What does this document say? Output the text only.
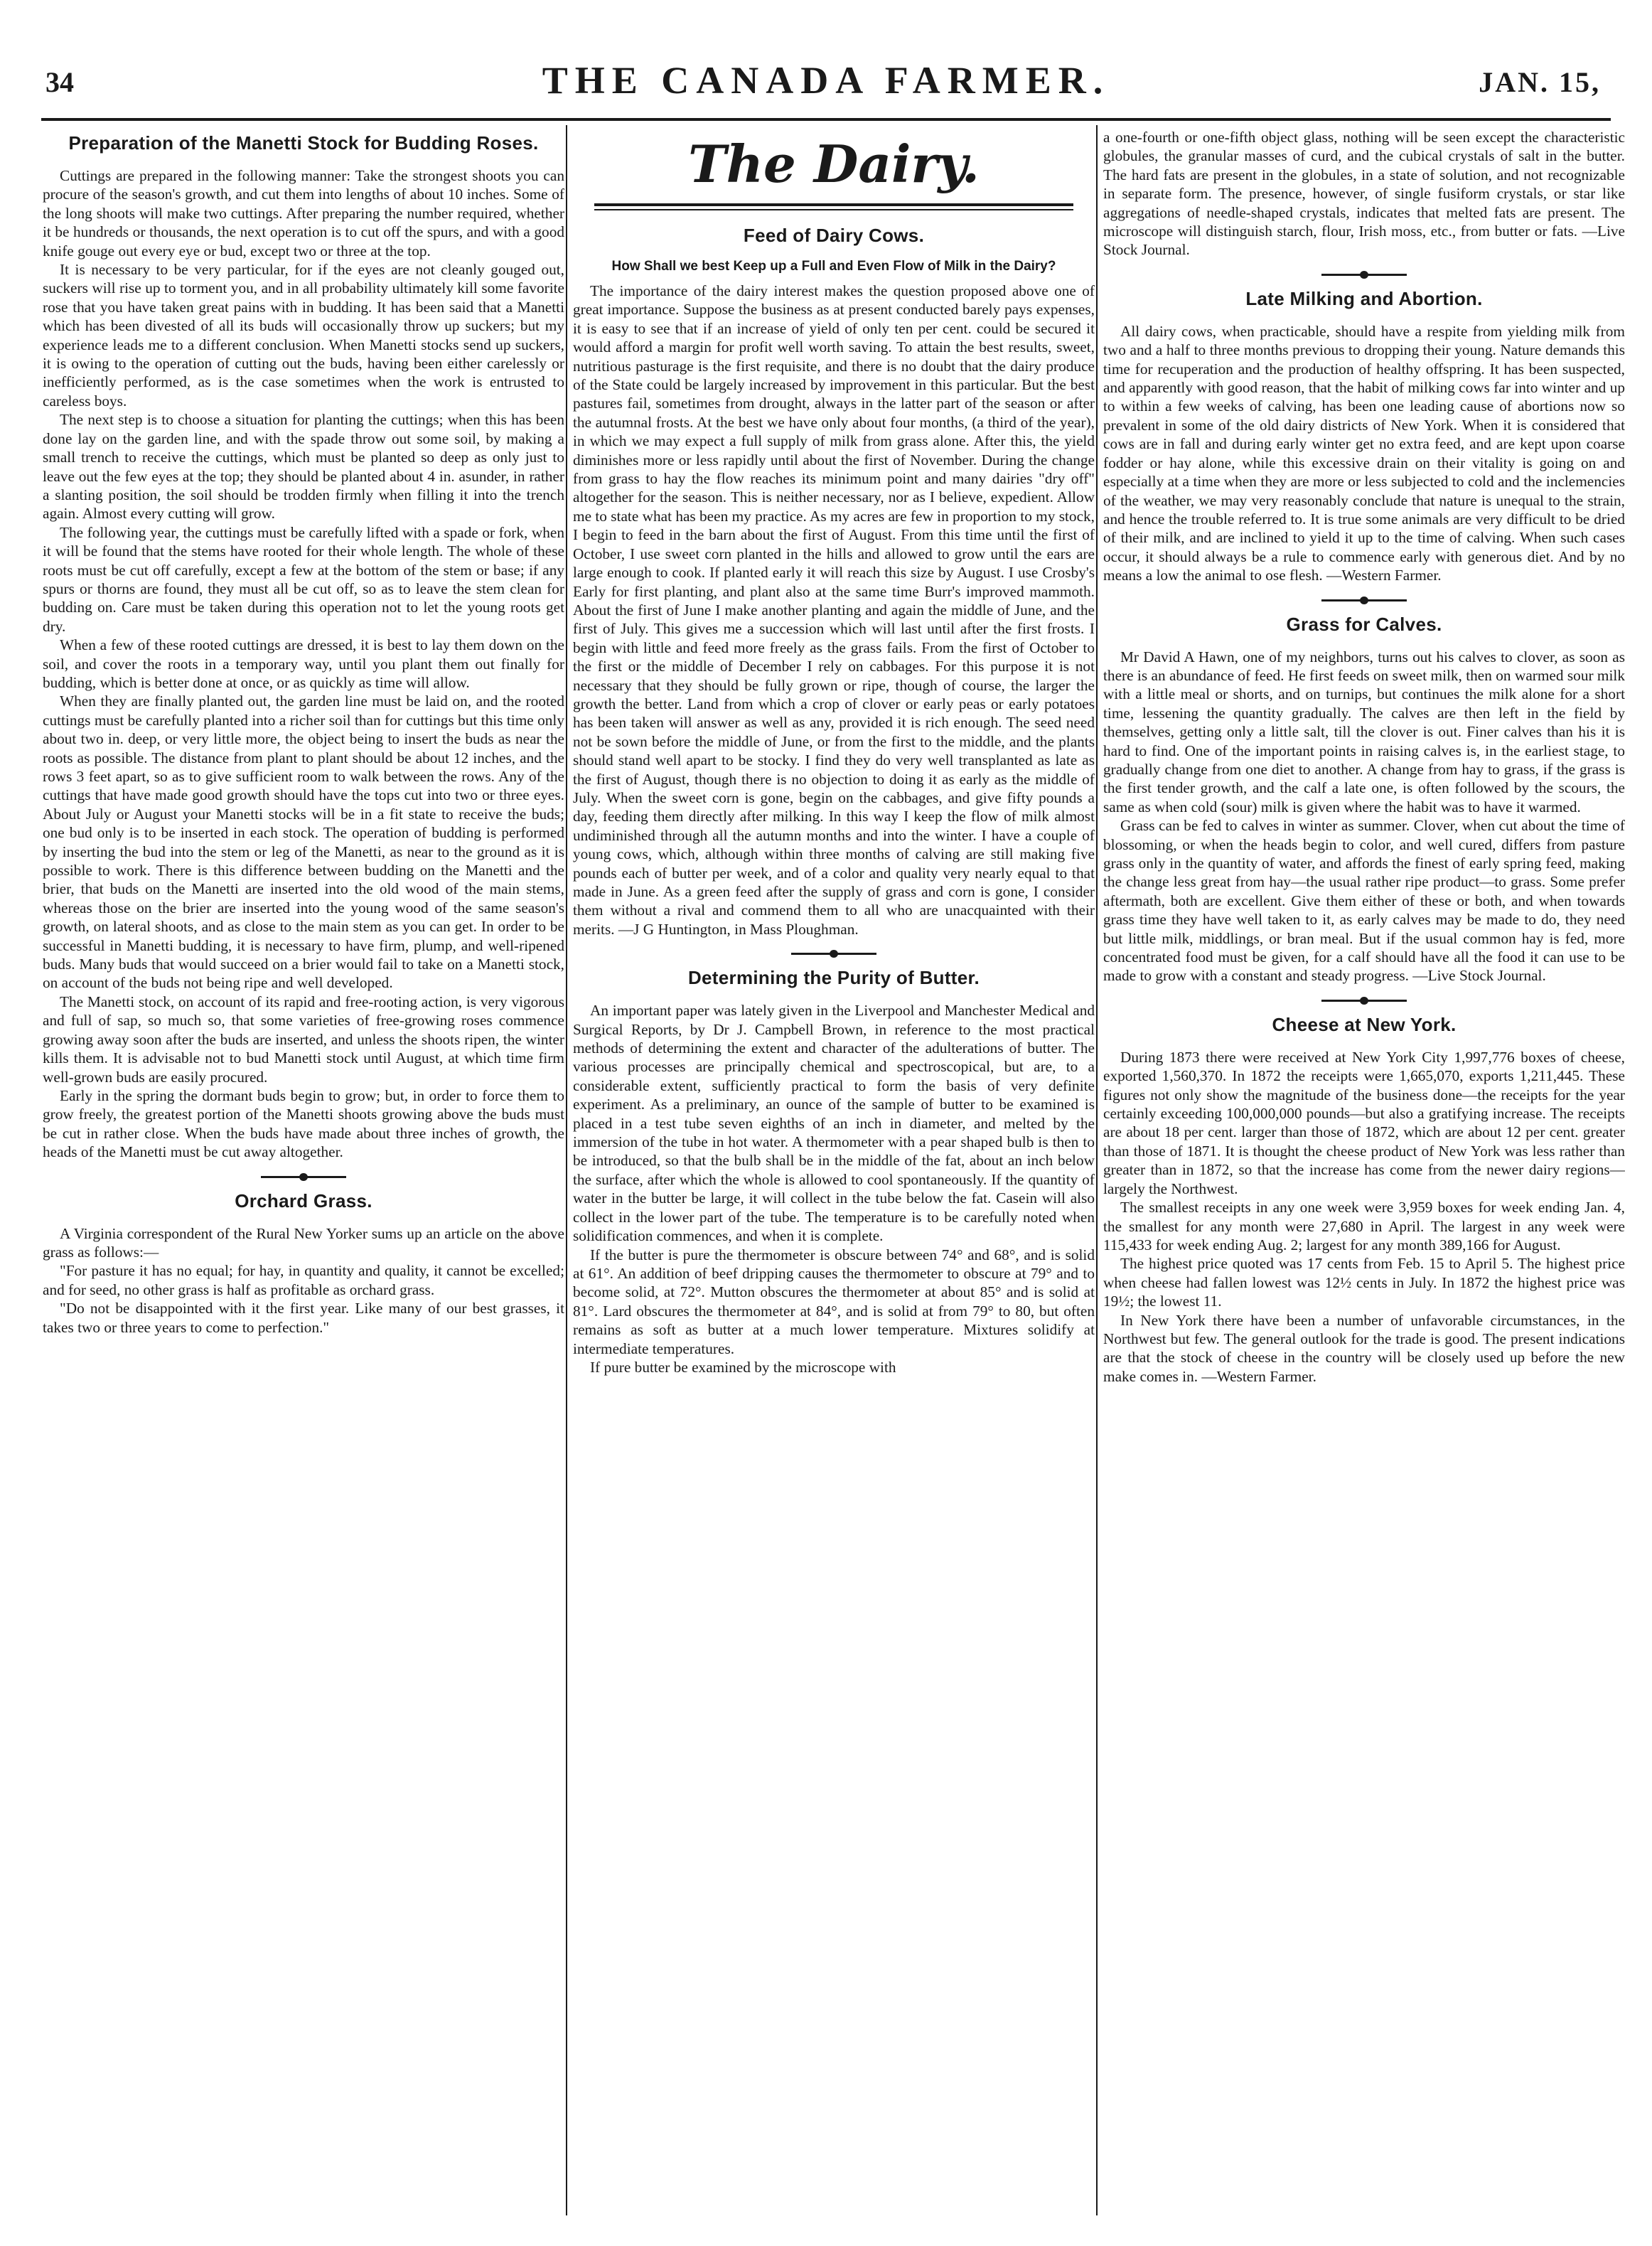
34	THE CANADA FARMER.	JAN. 15,
Preparation of the Manetti Stock for Budding Roses.

Cuttings are prepared in the following manner: Take the strongest shoots you can procure of the season's growth, and cut them into lengths of about 10 inches. Some of the long shoots will make two cuttings. After preparing the number required, whether it be hundreds or thousands, the next operation is to cut off the spurs, and with a good knife gouge out every eye or bud, except two or three at the top.

It is necessary to be very particular, for if the eyes are not cleanly gouged out, suckers will rise up to torment you, and in all probability ultimately kill some favorite rose that you have taken great pains with in budding. It has been said that a Manetti which has been divested of all its buds will occasionally throw up suckers; but my experience leads me to a different conclusion. When Manetti stocks send up suckers, it is owing to the operation of cutting out the buds, having been either carelessly or inefficiently performed, as is the case sometimes when the work is entrusted to careless boys.

The next step is to choose a situation for planting the cuttings; when this has been done lay on the garden line, and with the spade throw out some soil, by making a small trench to receive the cuttings, which must be planted so deep as only just to leave out the few eyes at the top; they should be planted about 4 in. asunder, in rather a slanting position, the soil should be trodden firmly when filling it into the trench again. Almost every cutting will grow.

The following year, the cuttings must be carefully lifted with a spade or fork, when it will be found that the stems have rooted for their whole length. The whole of these roots must be cut off carefully, except a few at the bottom of the stem or base; if any spurs or thorns are found, they must all be cut off, so as to leave the stem clean for budding on. Care must be taken during this operation not to let the young roots get dry.

When a few of these rooted cuttings are dressed, it is best to lay them down on the soil, and cover the roots in a temporary way, until you plant them out finally for budding, which is better done at once, or as quickly as time will allow.

When they are finally planted out, the garden line must be laid on, and the rooted cuttings must be carefully planted into a richer soil than for cuttings but this time only about two in. deep, or very little more, the object being to insert the buds as near the roots as possible. The distance from plant to plant should be about 12 inches, and the rows 3 feet apart, so as to give sufficient room to walk between the rows. Any of the cuttings that have made good growth should have the tops cut into two or three eyes. About July or August your Manetti stocks will be in a fit state to receive the buds; one bud only is to be inserted in each stock. The operation of budding is performed by inserting the bud into the stem or leg of the Manetti, as near to the ground as it is possible to work. There is this difference between budding on the Manetti and the brier, that buds on the Manetti are inserted into the old wood of the main stems, whereas those on the brier are inserted into the young wood of the same season's growth, on lateral shoots, and as close to the main stem as you can get. In order to be successful in Manetti budding, it is necessary to have firm, plump, and well-ripened buds. Many buds that would succeed on a brier would fail to take on a Manetti stock, on account of the buds not being ripe and well developed.

The Manetti stock, on account of its rapid and free-rooting action, is very vigorous and full of sap, so much so, that some varieties of free-growing roses commence growing away soon after the buds are inserted, and unless the shoots ripen, the winter kills them. It is advisable not to bud Manetti stock until August, at which time firm well-grown buds are easily procured.

Early in the spring the dormant buds begin to grow; but, in order to force them to grow freely, the greatest portion of the Manetti shoots growing above the buds must be cut in rather close. When the buds have made about three inches of growth, the heads of the Manetti must be cut away altogether.

Orchard Grass.

A Virginia correspondent of the Rural New Yorker sums up an article on the above grass as follows:—

"For pasture it has no equal; for hay, in quantity and quality, it cannot be excelled; and for seed, no other grass is half as profitable as orchard grass.

"Do not be disappointed with it the first year. Like many of our best grasses, it takes two or three years to come to perfection."

The Dairy.
Feed of Dairy Cows.
How Shall we best Keep up a Full and Even Flow of Milk in the Dairy?

The importance of the dairy interest makes the question proposed above one of great importance. Suppose the business as at present conducted barely pays expenses, it is easy to see that if an increase of yield of only ten per cent. could be secured it would afford a margin for profit well worth saving. To attain the best results, sweet, nutritious pasturage is the first requisite, and there is no doubt that the dairy produce of the State could be largely increased by improvement in this particular. But the best pastures fail, sometimes from drought, always in the latter part of the season or after the autumnal frosts. At the best we have only about four months, (a third of the year), in which we may expect a full supply of milk from grass alone. After this, the yield diminishes more or less rapidly until about the first of November. During the change from grass to hay the flow reaches its minimum point and many dairies "dry off" altogether for the season. This is neither necessary, nor as I believe, expedient. Allow me to state what has been my practice. As my acres are few in proportion to my stock, I begin to feed in the barn about the first of August. From this time until the first of October, I use sweet corn planted in the hills and allowed to grow until the ears are large enough to cook. If planted early it will reach this size by August. I use Crosby's Early for first planting, and plant also at the same time Burr's improved mammoth. About the first of June I make another planting and again the middle of June, and the first of July. This gives me a succession which will last until after the first frosts. I begin with little and feed more freely as the grass fails. From the first of October to the first or the middle of December I rely on cabbages. For this purpose it is not necessary that they should be fully grown or ripe, though of course, the larger the growth the better. Land from which a crop of clover or early peas or early potatoes has been taken will answer as well as any, provided it is rich enough. The seed need not be sown before the middle of June, or from the first to the middle, and the plants should stand well apart to be stocky. I find they do very well transplanted as late as the first of August, though there is no objection to doing it as early as the middle of July. When the sweet corn is gone, begin on the cabbages, and give fifty pounds a day, feeding them directly after milking. In this way I keep the flow of milk almost undiminished through all the autumn months and into the winter. I have a couple of young cows, which, although within three months of calving are still making five pounds each of butter per week, and of a color and quality very nearly equal to that made in June. As a green feed after the supply of grass and corn is gone, I consider them without a rival and commend them to all who are unacquainted with their merits. —J G Huntington, in Mass Ploughman.

Determining the Purity of Butter.

An important paper was lately given in the Liverpool and Manchester Medical and Surgical Reports, by Dr J. Campbell Brown, in reference to the most practical methods of determining the extent and character of the adulterations of butter. The various processes are principally chemical and spectroscopical, but are, to a considerable extent, sufficiently practical to form the basis of very definite experiment. As a preliminary, an ounce of the sample of butter to be examined is placed in a test tube seven eighths of an inch in diameter, and melted by the immersion of the tube in hot water. A thermometer with a pear shaped bulb is then to be introduced, so that the bulb shall be in the middle of the fat, about an inch below the surface, after which the whole is allowed to cool spontaneously. If the quantity of water in the butter be large, it will collect in the tube below the fat. Casein will also collect in the lower part of the tube. The temperature is to be carefully noted when solidification commences, and when it is complete.

If the butter is pure the thermometer is obscure between 74° and 68°, and is solid at 61°. An addition of beef dripping causes the thermometer to obscure at 79° and to become solid, at 72°. Mutton obscures the thermometer at about 85° and is solid at 81°. Lard obscures the thermometer at 84°, and is solid at from 79° to 80, but often remains as soft as butter at a much lower temperature. Mixtures solidify at intermediate temperatures.

If pure butter be examined by the microscope with

a one-fourth or one-fifth object glass, nothing will be seen except the characteristic globules, the granular masses of curd, and the cubical crystals of salt in the butter. The hard fats are present in the globules, in a state of solution, and not recognizable in separate form. The presence, however, of single fusiform crystals, or star like aggregations of needle-shaped crystals, indicates that melted fats are present. The microscope will distinguish starch, flour, Irish moss, etc., from butter or fats. —Live Stock Journal.

Late Milking and Abortion.

All dairy cows, when practicable, should have a respite from yielding milk from two and a half to three months previous to dropping their young. Nature demands this time for recuperation and the production of healthy offspring. It has been suspected, and apparently with good reason, that the habit of milking cows far into winter and up to within a few weeks of calving, has been one leading cause of abortions now so prevalent in some of the old dairy districts of New York. When it is considered that cows are in fall and during early winter get no extra feed, and are kept upon coarse fodder or hay alone, while this excessive drain on their vitality is going on and especially at a time when they are more or less subjected to cold and the inclemencies of the weather, we may very reasonably conclude that nature is unequal to the strain, and hence the trouble referred to. It is true some animals are very difficult to be dried of their milk, and are inclined to yield it up to the time of calving. When such cases occur, it should always be a rule to commence early with generous diet. And by no means a low the animal to ose flesh. —Western Farmer.

Grass for Calves.

Mr David A Hawn, one of my neighbors, turns out his calves to clover, as soon as there is an abundance of feed. He first feeds on sweet milk, then on warmed sour milk with a little meal or shorts, and on turnips, but continues the milk alone for a short time, lessening the quantity gradually. The calves are then left in the field by themselves, getting only a little salt, till the clover is out. Finer calves than his it is hard to find. One of the important points in raising calves is, in the earliest stage, to gradually change from one diet to another. A change from hay to grass, if the grass is the first tender growth, and the calf a late one, is often followed by the scours, the same as when cold (sour) milk is given where the habit was to have it warmed.

Grass can be fed to calves in winter as summer. Clover, when cut about the time of blossoming, or when the heads begin to color, and well cured, differs from pasture grass only in the quantity of water, and affords the finest of early spring feed, making the change less great from hay—the usual rather ripe product—to grass. Some prefer aftermath, both are excellent. Give them either of these or both, and when towards grass time they have well taken to it, as early calves may be made to do, they need but little milk, middlings, or bran meal. But if the usual common hay is fed, more concentrated food must be given, for a calf should have all the food it can use to be made to grow with a constant and steady progress. —Live Stock Journal.

Cheese at New York.

During 1873 there were received at New York City 1,997,776 boxes of cheese, exported 1,560,370. In 1872 the receipts were 1,665,070, exports 1,211,445. These figures not only show the magnitude of the business done—the receipts for the year certainly exceeding 100,000,000 pounds—but also a gratifying increase. The receipts are about 18 per cent. larger than those of 1872, which are about 12 per cent. greater than those of 1871. It is thought the cheese product of New York was less rather than greater than in 1872, so that the increase has come from the newer dairy regions—largely the Northwest.

The smallest receipts in any one week were 3,959 boxes for week ending Jan. 4, the smallest for any month were 27,680 in April. The largest in any week were 115,433 for week ending Aug. 2; largest for any month 389,166 for August.

The highest price quoted was 17 cents from Feb. 15 to April 5. The highest price when cheese had fallen lowest was 12½ cents in July. In 1872 the highest price was 19½; the lowest 11.

In New York there have been a number of unfavorable circumstances, in the Northwest but few. The general outlook for the trade is good. The present indications are that the stock of cheese in the country will be closely used up before the new make comes in. —Western Farmer.
